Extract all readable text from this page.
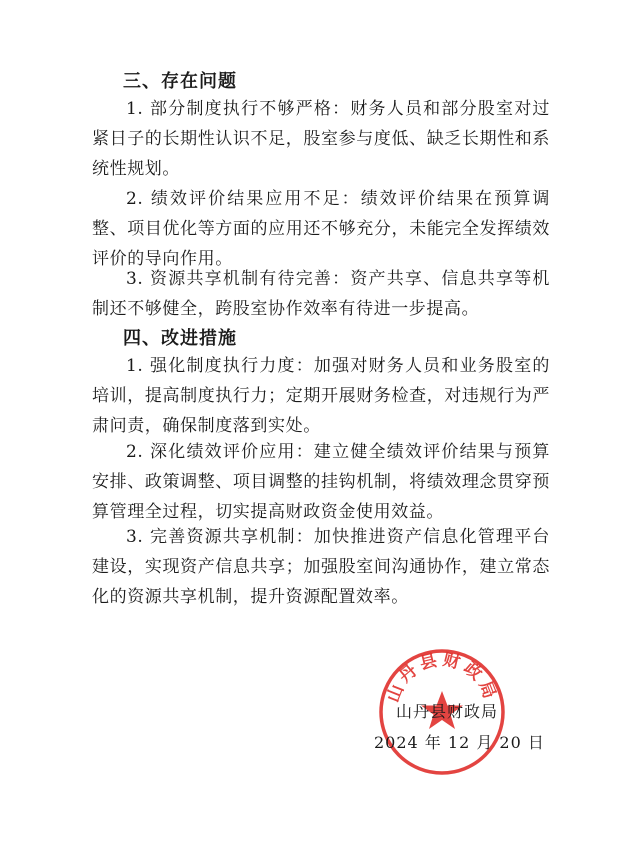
三、存在问题
1. 部分制度执行不够严格：财务人员和部分股室对过紧日子的长期性认识不足，股室参与度低、缺乏长期性和系统性规划。
2. 绩效评价结果应用不足：绩效评价结果在预算调整、项目优化等方面的应用还不够充分，未能完全发挥绩效评价的导向作用。
3. 资源共享机制有待完善：资产共享、信息共享等机制还不够健全，跨股室协作效率有待进一步提高。
四、改进措施
1. 强化制度执行力度：加强对财务人员和业务股室的培训，提高制度执行力；定期开展财务检查，对违规行为严肃问责，确保制度落到实处。
2. 深化绩效评价应用：建立健全绩效评价结果与预算安排、政策调整、项目调整的挂钩机制，将绩效理念贯穿预算管理全过程，切实提高财政资金使用效益。
3. 完善资源共享机制：加快推进资产信息化管理平台建设，实现资产信息共享；加强股室间沟通协作，建立常态化的资源共享机制，提升资源配置效率。
山丹县财政局
山丹县财政局
2024 年 12 月 20 日
